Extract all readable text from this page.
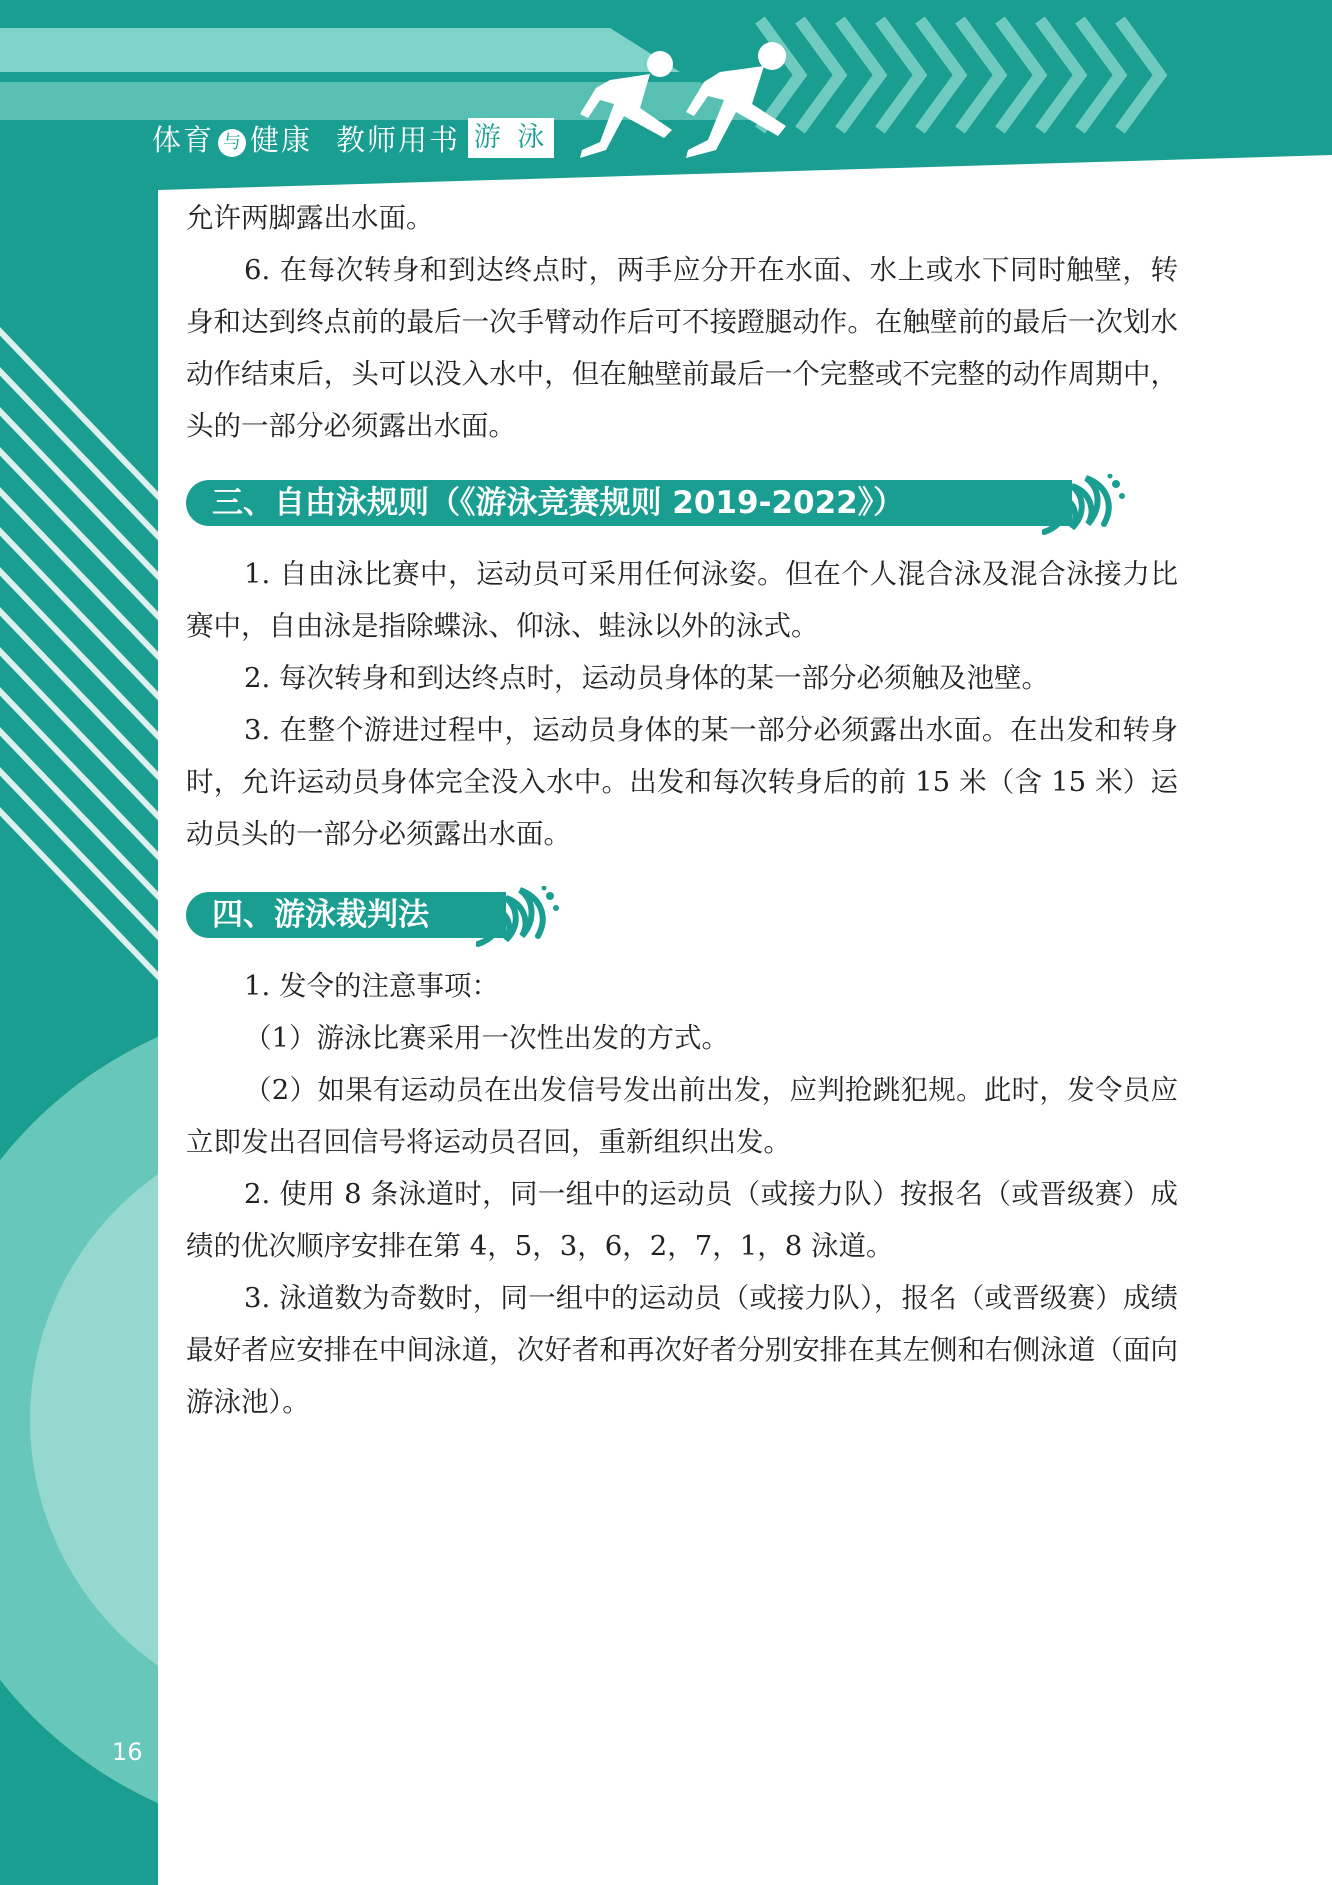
体育 与 健康 教师用书 游 泳
允许两脚露出水面。
6. 在每次转身和到达终点时，两手应分开在水面、水上或水下同时触壁，转身和达到终点前的最后一次手臂动作后可不接蹬腿动作。在触壁前的最后一次划水动作结束后，头可以没入水中，但在触壁前最后一个完整或不完整的动作周期中，头的一部分必须露出水面。
三、自由泳规则（《游泳竞赛规则 2019-2022》）
1. 自由泳比赛中，运动员可采用任何泳姿。但在个人混合泳及混合泳接力比赛中，自由泳是指除蝶泳、仰泳、蛙泳以外的泳式。
2. 每次转身和到达终点时，运动员身体的某一部分必须触及池壁。
3. 在整个游进过程中，运动员身体的某一部分必须露出水面。在出发和转身时，允许运动员身体完全没入水中。出发和每次转身后的前 15 米（含 15 米）运动员头的一部分必须露出水面。
四、游泳裁判法
1. 发令的注意事项：
（1）游泳比赛采用一次性出发的方式。
（2）如果有运动员在出发信号发出前出发，应判抢跳犯规。此时，发令员应立即发出召回信号将运动员召回，重新组织出发。
2. 使用 8 条泳道时，同一组中的运动员（或接力队）按报名（或晋级赛）成绩的优次顺序安排在第 4，5，3，6，2，7，1，8 泳道。
3. 泳道数为奇数时，同一组中的运动员（或接力队），报名（或晋级赛）成绩最好者应安排在中间泳道，次好者和再次好者分别安排在其左侧和右侧泳道（面向游泳池）。
16
